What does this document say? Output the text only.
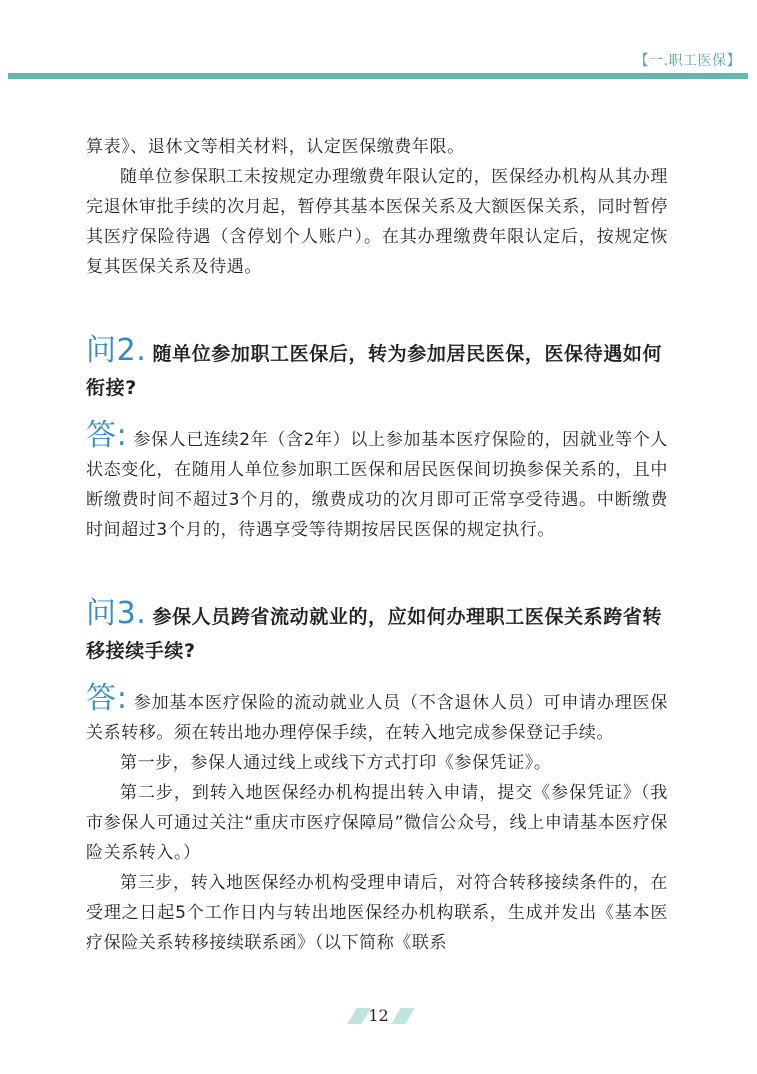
【一.职工医保】

算表》、退休文等相关材料，认定医保缴费年限。

随单位参保职工未按规定办理缴费年限认定的，医保经办机构从其办理完退休审批手续的次月起，暂停其基本医保关系及大额医保关系，同时暂停其医疗保险待遇（含停划个人账户）。在其办理缴费年限认定后，按规定恢复其医保关系及待遇。

问2. 随单位参加职工医保后，转为参加居民医保，医保待遇如何衔接?

答: 参保人已连续2年（含2年）以上参加基本医疗保险的，因就业等个人状态变化，在随用人单位参加职工医保和居民医保间切换参保关系的，且中断缴费时间不超过3个月的，缴费成功的次月即可正常享受待遇。中断缴费时间超过3个月的，待遇享受等待期按居民医保的规定执行。

问3. 参保人员跨省流动就业的，应如何办理职工医保关系跨省转移接续手续?

答: 参加基本医疗保险的流动就业人员（不含退休人员）可申请办理医保关系转移。须在转出地办理停保手续，在转入地完成参保登记手续。

第一步，参保人通过线上或线下方式打印《参保凭证》。

第二步，到转入地医保经办机构提出转入申请，提交《参保凭证》（我市参保人可通过关注“重庆市医疗保障局”微信公众号，线上申请基本医疗保险关系转入。）

第三步，转入地医保经办机构受理申请后，对符合转移接续条件的，在受理之日起5个工作日内与转出地医保经办机构联系，生成并发出《基本医疗保险关系转移接续联系函》（以下简称《联系

12
